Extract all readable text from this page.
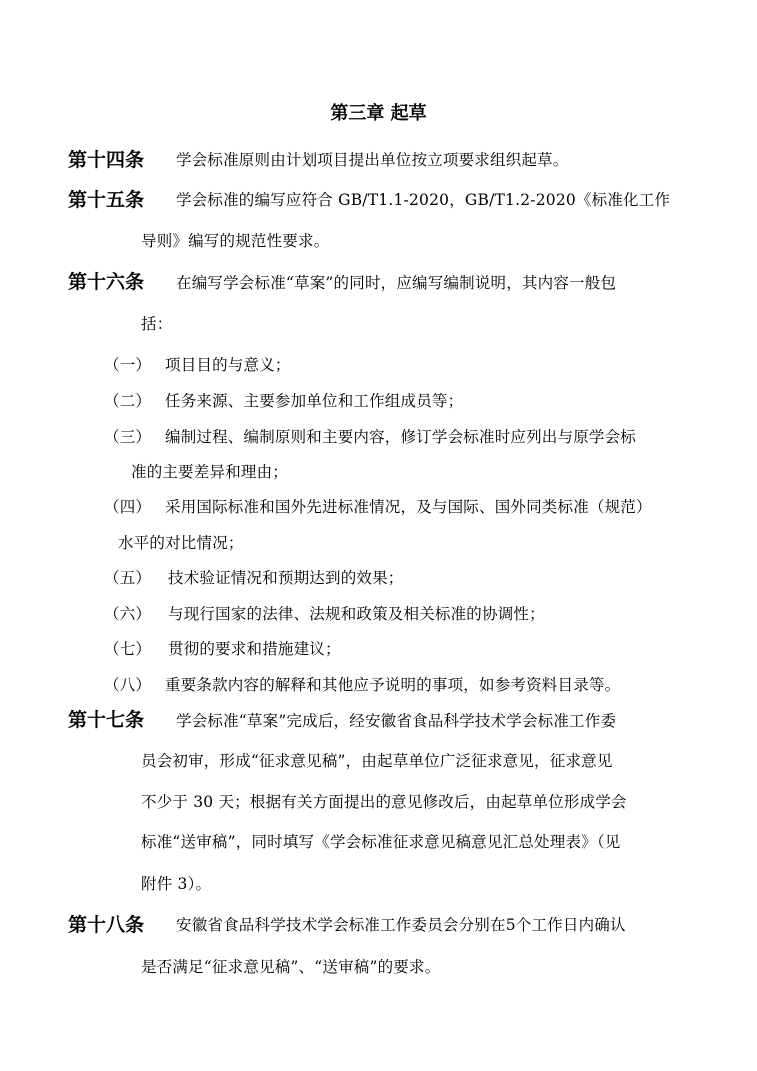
第三章 起草
第十四条 学会标准原则由计划项目提出单位按立项要求组织起草。
第十五条 学会标准的编写应符合 GB/T1.1-2020，GB/T1.2-2020《标准化工作
导则》编写的规范性要求。
第十六条 在编写学会标准“草案”的同时，应编写编制说明，其内容一般包
括：
（一） 项目目的与意义；
（二） 任务来源、主要参加单位和工作组成员等；
（三） 编制过程、编制原则和主要内容，修订学会标准时应列出与原学会标
准的主要差异和理由；
（四） 采用国际标准和国外先进标准情况，及与国际、国外同类标准（规范）
水平的对比情况；
（五） 技术验证情况和预期达到的效果；
（六） 与现行国家的法律、法规和政策及相关标准的协调性；
（七） 贯彻的要求和措施建议；
（八） 重要条款内容的解释和其他应予说明的事项，如参考资料目录等。
第十七条 学会标准“草案”完成后，经安徽省食品科学技术学会标准工作委
员会初审，形成“征求意见稿”，由起草单位广泛征求意见，征求意见
不少于 30 天；根据有关方面提出的意见修改后，由起草单位形成学会
标准“送审稿”，同时填写《学会标准征求意见稿意见汇总处理表》（见
附件 3）。
第十八条 安徽省食品科学技术学会标准工作委员会分别在5个工作日内确认
是否满足“征求意见稿”、“送审稿”的要求。
